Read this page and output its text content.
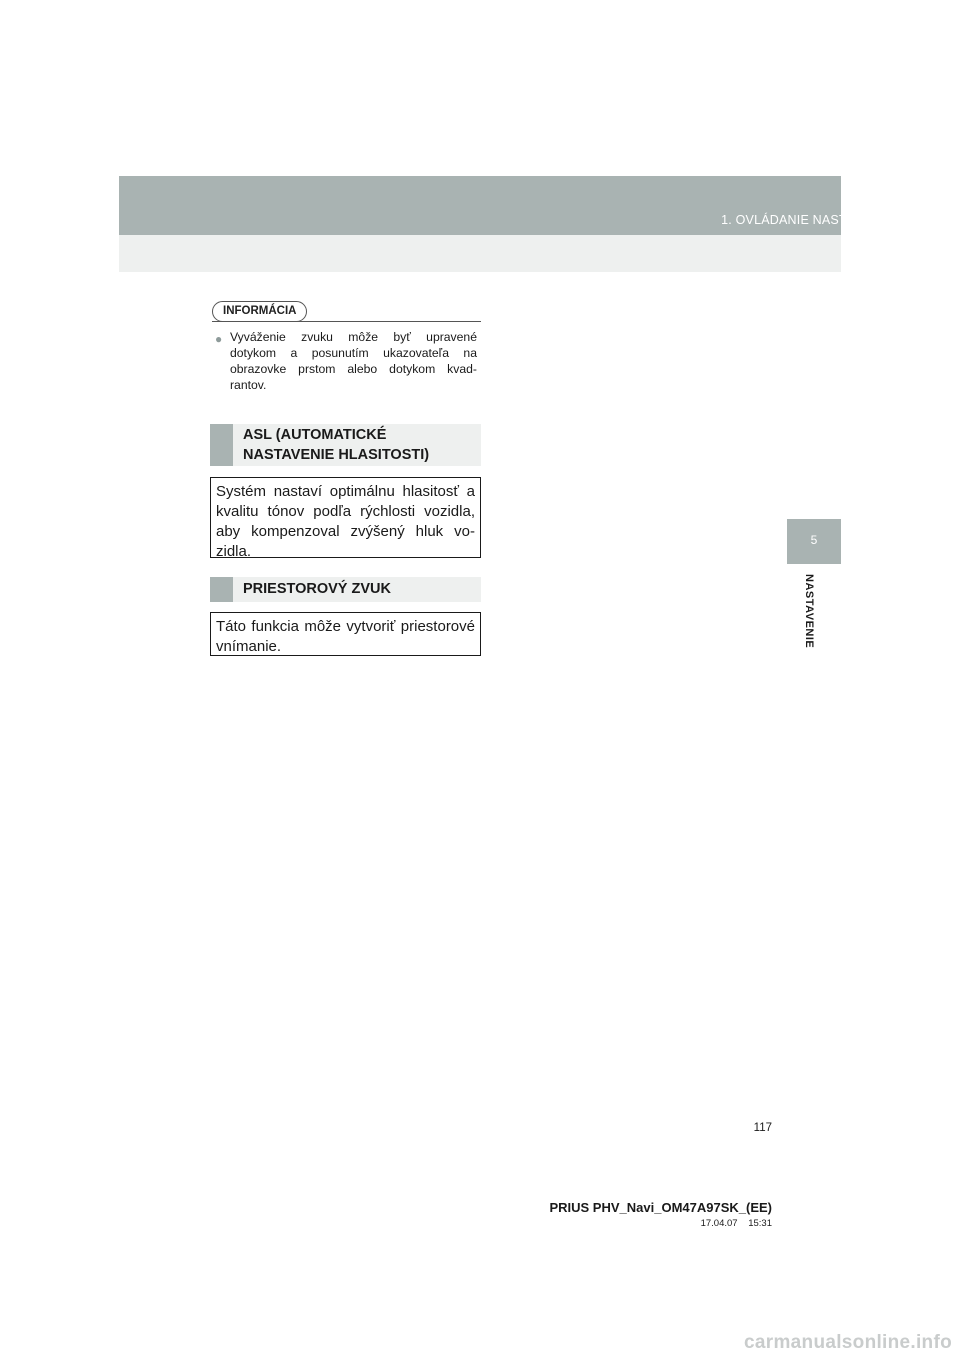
1. OVLÁDANIE NASTAVENIA
5
NASTAVENIE
INFORMÁCIA
● Vyváženie zvuku môže byť upravené dotykom a posunutím ukazovateľa na obrazovke prstom alebo dotykom kvad-rantov.
ASL (AUTOMATICKÉ
NASTAVENIE HLASITOSTI)
Systém nastaví optimálnu hlasitosť a kvalitu tónov podľa rýchlosti vozidla, aby kompenzoval zvýšený hluk vo-zidla.
PRIESTOROVÝ ZVUK
Táto funkcia môže vytvoriť priestorové vnímanie.
117
PRIUS PHV_Navi_OM47A97SK_(EE)
17.04.07 15:31
carmanualsonline.info
